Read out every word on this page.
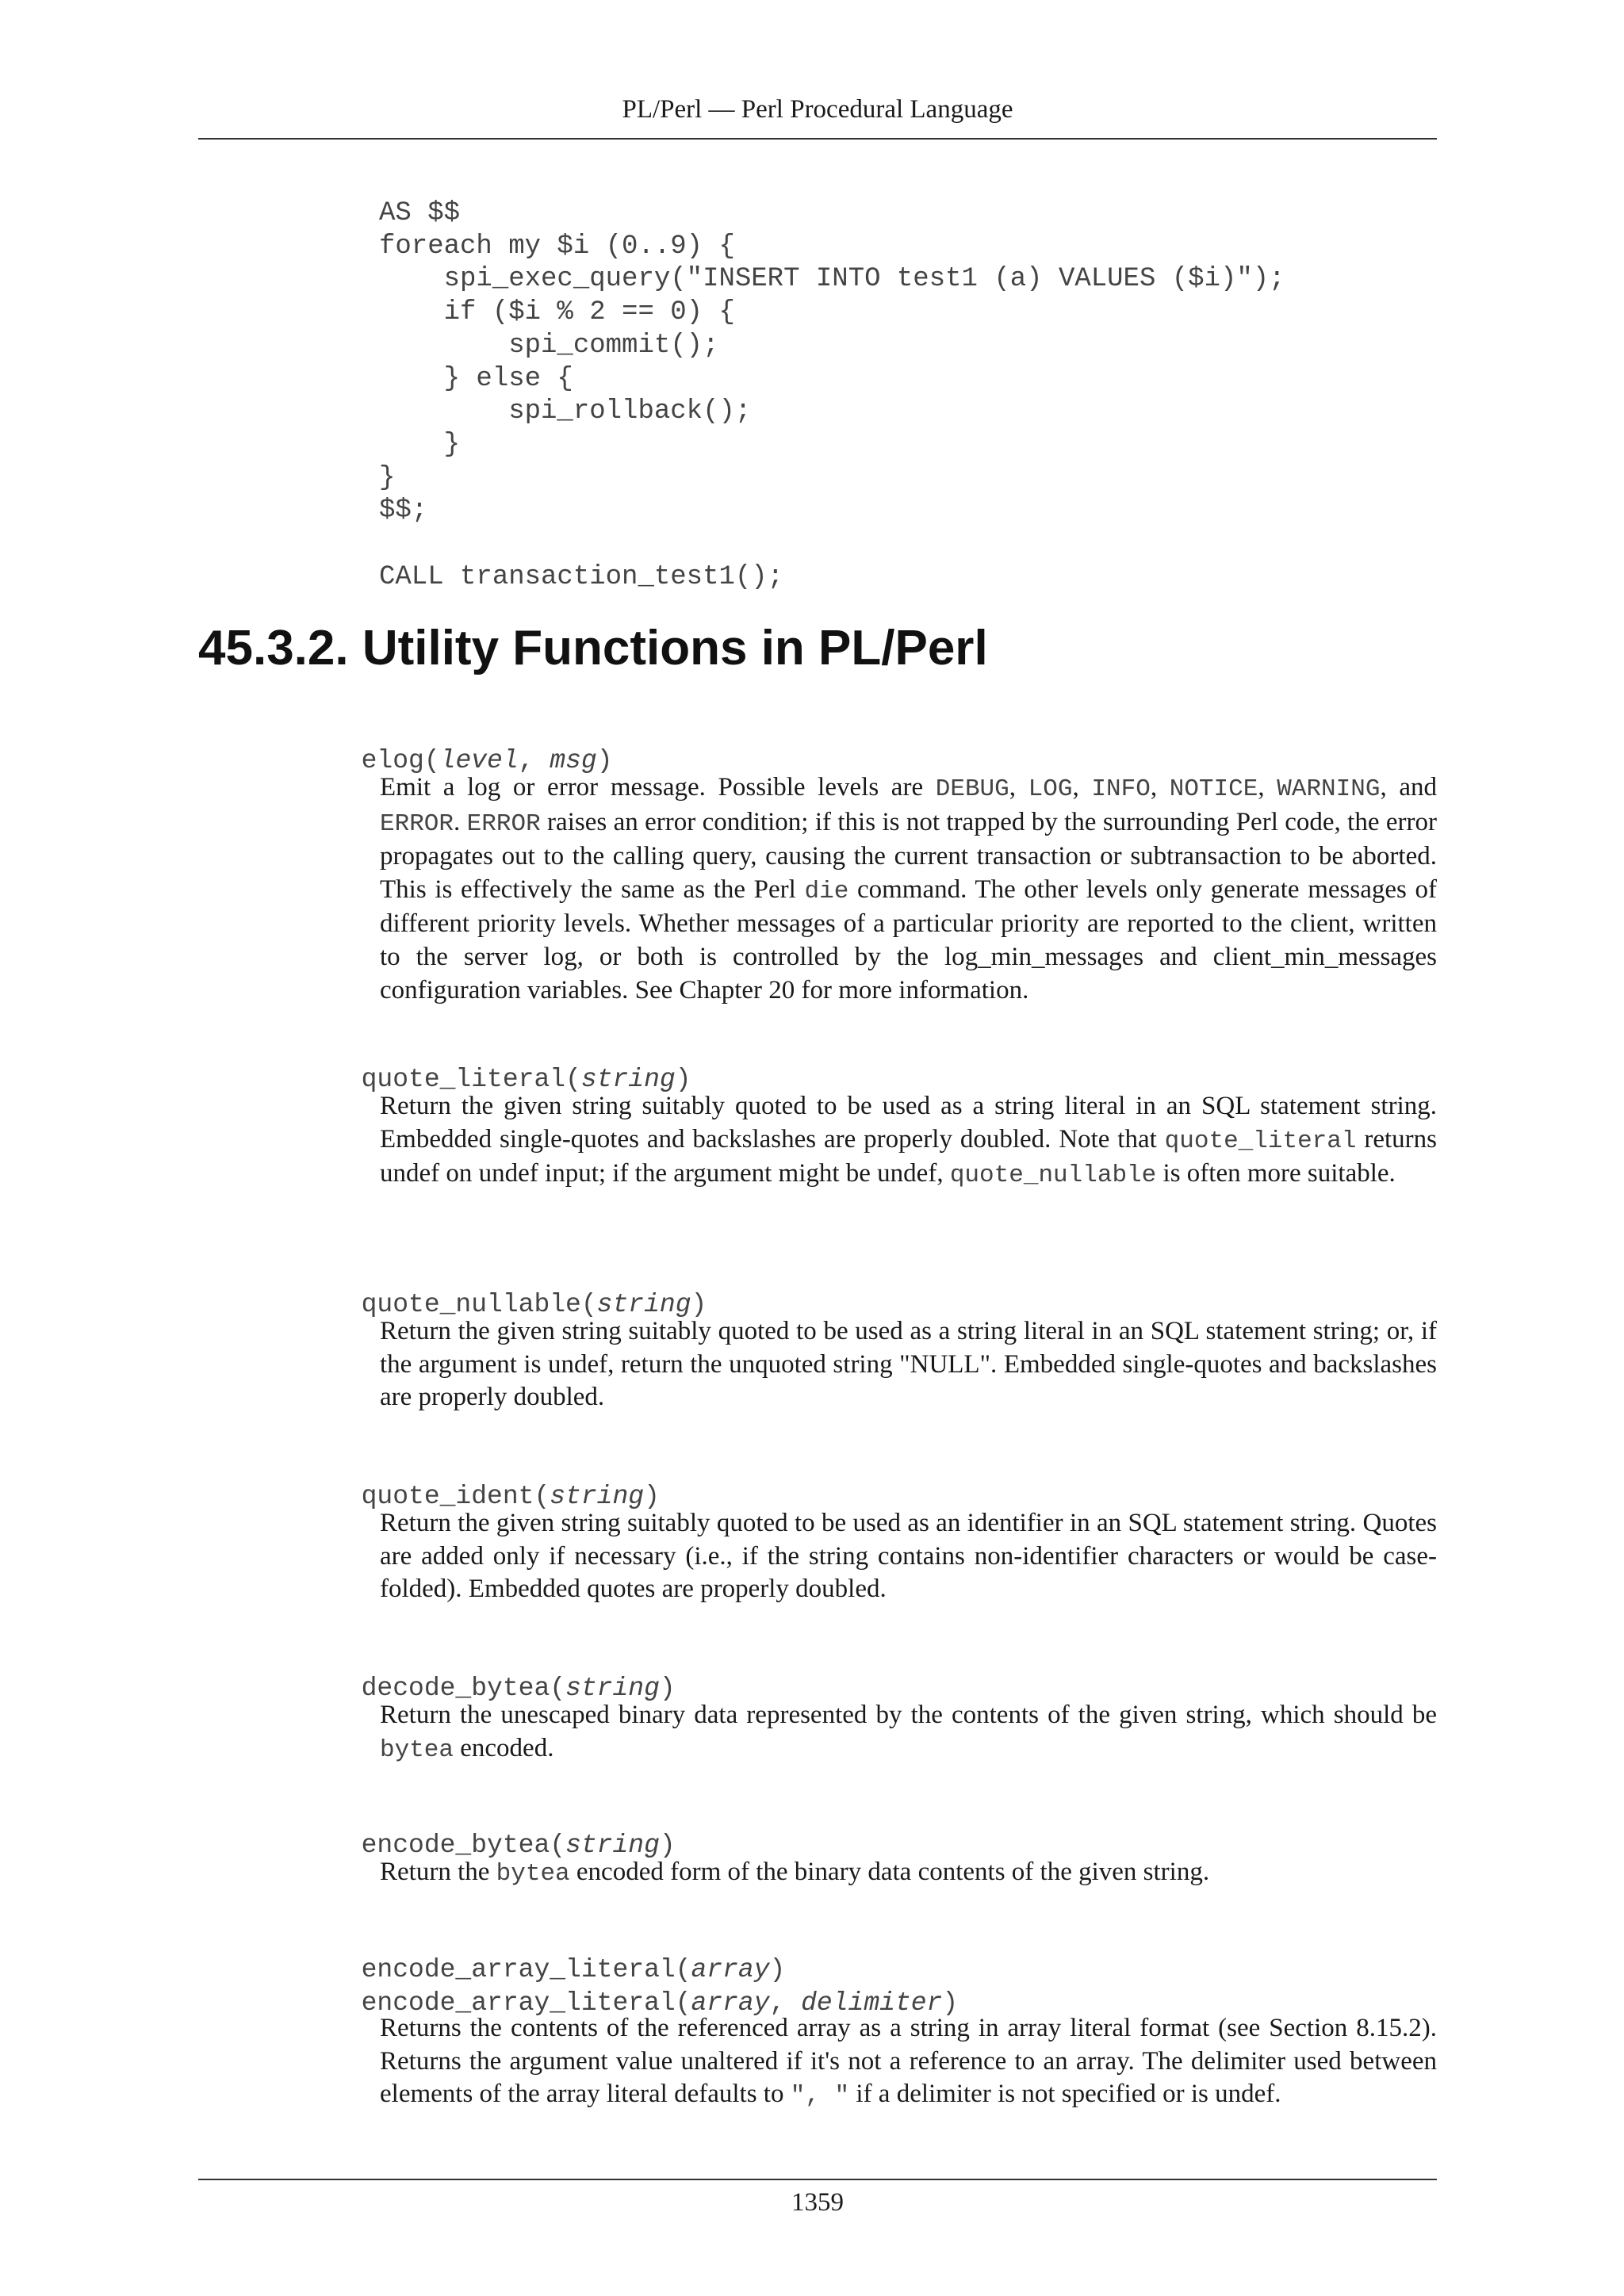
PL/Perl — Perl Procedural Language
AS $$
foreach my $i (0..9) {
spi_exec_query("INSERT INTO test1 (a) VALUES ($i)");
if ($i % 2 == 0) {
spi_commit();
} else {
spi_rollback();
}
}
$$;

CALL transaction_test1();
45.3.2. Utility Functions in PL/Perl

elog(level, msg)

Emit a log or error message. Possible levels are DEBUG, LOG, INFO, NOTICE, WARNING, and ERROR. ERROR raises an error condition; if this is not trapped by the surrounding Perl code, the error propagates out to the calling query, causing the current transaction or subtransaction to be aborted. This is effectively the same as the Perl die command. The other levels only generate messages of different priority levels. Whether messages of a particular priority are reported to the client, written to the server log, or both is controlled by the log_min_messages and client_min_messages configuration variables. See Chapter 20 for more information.

quote_literal(string)

Return the given string suitably quoted to be used as a string literal in an SQL statement string. Embedded single-quotes and backslashes are properly doubled. Note that quote_literal returns undef on undef input; if the argument might be undef, quote_nullable is often more suitable.

quote_nullable(string)

Return the given string suitably quoted to be used as a string literal in an SQL statement string; or, if the argument is undef, return the unquoted string "NULL". Embedded single-quotes and backslashes are properly doubled.

quote_ident(string)

Return the given string suitably quoted to be used as an identifier in an SQL statement string. Quotes are added only if necessary (i.e., if the string contains non-identifier characters or would be case-folded). Embedded quotes are properly doubled.

decode_bytea(string)

Return the unescaped binary data represented by the contents of the given string, which should be bytea encoded.

encode_bytea(string)

Return the bytea encoded form of the binary data contents of the given string.

encode_array_literal(array)

encode_array_literal(array, delimiter)

Returns the contents of the referenced array as a string in array literal format (see Section 8.15.2). Returns the argument value unaltered if it's not a reference to an array. The delimiter used between elements of the array literal defaults to ", " if a delimiter is not specified or is undef.

1359
